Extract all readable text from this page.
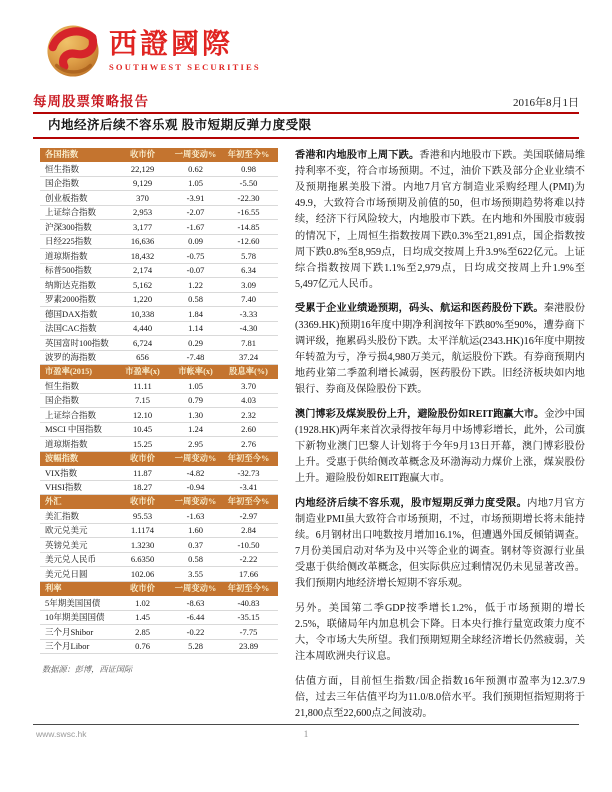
西證國際
SOUTHWEST SECURITIES
每周股票策略报告	2016年8月1日
内地经济后续不容乐观 股市短期反弹力度受限
各国指数	收市价	一周变动%	年初至今%
恒生指数	22,129	0.62	0.98
国企指数	9,129	1.05	-5.50
创业板指数	370	-3.91	-22.30
上证综合指数	2,953	-2.07	-16.55
沪深300指数	3,177	-1.67	-14.85
日经225指数	16,636	0.09	-12.60
道琼斯指数	18,432	-0.75	5.78
标普500指数	2,174	-0.07	6.34
纳斯达克指数	5,162	1.22	3.09
罗素2000指数	1,220	0.58	7.40
德国DAX指数	10,338	1.84	-3.33
法国CAC指数	4,440	1.14	-4.30
英国富时100指数	6,724	0.29	7.81
波罗的海指数	656	-7.48	37.24
市盈率(2015)	市盈率(x)	市帐率(x)	股息率(%)
恒生指数	11.11	1.05	3.70
国企指数	7.15	0.79	4.03
上证综合指数	12.10	1.30	2.32
MSCI 中国指数	10.45	1.24	2.60
道琼斯指数	15.25	2.95	2.76
波幅指数	收市价	一周变动%	年初至今%
VIX指数	11.87	-4.82	-32.73
VHSI指数	18.27	-0.94	-3.41
外汇	收市价	一周变动%	年初至今%
美汇指数	95.53	-1.63	-2.97
欧元兑美元	1.1174	1.60	2.84
英镑兑美元	1.3230	0.37	-10.50
美元兑人民币	6.6350	0.58	-2.22
美元兑日圆	102.06	3.55	17.66
利率	收市价	一周变动%	年初至今%
5年期美国国债	1.02	-8.63	-40.83
10年期美国国债	1.45	-6.44	-35.15
三个月Shibor	2.85	-0.22	-7.75
三个月Libor	0.76	5.28	23.89
数据源：彭博，西证国际

香港和内地股市上周下跌。香港和内地股市下跌。美国联储局维持利率不变，符合市场预期。不过，油价下跌及部分企业业绩不及预期拖累美股下滑。内地7月官方制造业采购经理人(PMI)为49.9，大致符合市场预期及前值的50，但市场预期趋势将难以持续，经济下行风险较大，内地股市下跌。在内地和外围股市疲弱的情况下，上周恒生指数按周下跌0.3%至21,891点，国企指数按周下跌0.8%至8,959点，日均成交按周上升3.9%至622亿元。上证综合指数按周下跌1.1%至2,979点，日均成交按周上升1.9%至5,497亿元人民币。

受累于企业业绩逊预期，码头、航运和医药股份下跌。秦港股份(3369.HK)预期16年度中期净利润按年下跌80%至90%，遭券商下调评级，拖累码头股份下跌。太平洋航运(2343.HK)16年度中期按年转盈为亏，净亏损4,980万美元，航运股份下跌。有券商预期内地药业第二季盈利增长减弱，医药股份下跌。旧经济板块如内地银行、券商及保险股份下跌。

澳门博彩及煤炭股份上升，避险股份如REIT跑赢大市。金沙中国(1928.HK)两年来首次录得按年每月中场博彩增长，此外，公司旗下新物业澳门巴黎人计划将于今年9月13日开幕，澳门博彩股份上升。受惠于供给侧改革概念及环渤海动力煤价上涨，煤炭股份上升。避险股份如REIT跑赢大市。

内地经济后续不容乐观，股市短期反弹力度受限。内地7月官方制造业PMI虽大致符合市场预期，不过，市场预期增长将未能持续。6月钢材出口吨数按月增加16.1%，但遭遇外国反倾销调查。7月份美国启动对华为及中兴等企业的调查。钢材等资源行业虽受惠于供给侧改革概念，但实际供应过剩情况仍未见显著改善。我们预期内地经济增长短期不容乐观。

另外。美国第二季GDP按季增长1.2%，低于市场预期的增长2.5%，联储局年内加息机会下降。日本央行推行量宽政策力度不大，令市场大失所望。我们预期短期全球经济增长仍然疲弱，关注本周欧洲央行议息。

估值方面，目前恒生指数/国企指数16年预测市盈率为12.3/7.9倍，过去三年估值平均为11.0/8.0倍水平。我们预期恒指短期将于21,800点至22,600点之间波动。

www.swsc.hk	1
